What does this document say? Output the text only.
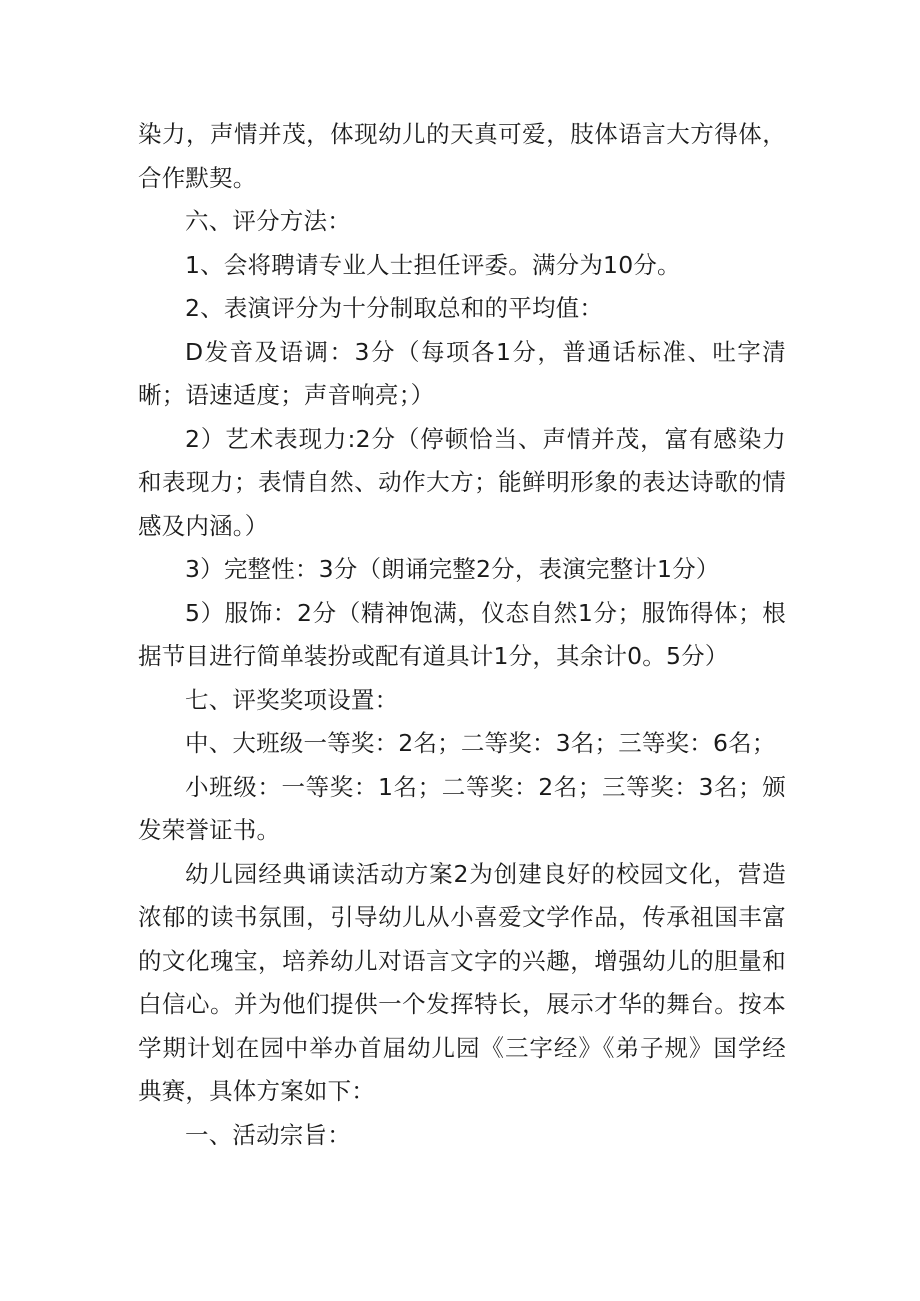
染力，声情并茂，体现幼儿的天真可爱，肢体语言大方得体，合作默契。

六、评分方法：

1、会将聘请专业人士担任评委。满分为10分。

2、表演评分为十分制取总和的平均值：

D发音及语调：3分（每项各1分，普通话标准、吐字清晰；语速适度；声音响亮；）

2）艺术表现力:2分（停顿恰当、声情并茂，富有感染力和表现力；表情自然、动作大方；能鲜明形象的表达诗歌的情感及内涵。）

3）完整性：3分（朗诵完整2分，表演完整计1分）

5）服饰：2分（精神饱满，仪态自然1分；服饰得体；根据节目进行简单装扮或配有道具计1分，其余计0。5分）

七、评奖奖项设置：

中、大班级一等奖：2名；二等奖：3名；三等奖：6名；

小班级：一等奖：1名；二等奖：2名；三等奖：3名；颁发荣誉证书。

幼儿园经典诵读活动方案2为创建良好的校园文化，营造浓郁的读书氛围，引导幼儿从小喜爱文学作品，传承祖国丰富的文化瑰宝，培养幼儿对语言文字的兴趣，增强幼儿的胆量和白信心。并为他们提供一个发挥特长，展示才华的舞台。按本学期计划在园中举办首届幼儿园《三字经》《弟子规》国学经典赛，具体方案如下：

一、活动宗旨：
